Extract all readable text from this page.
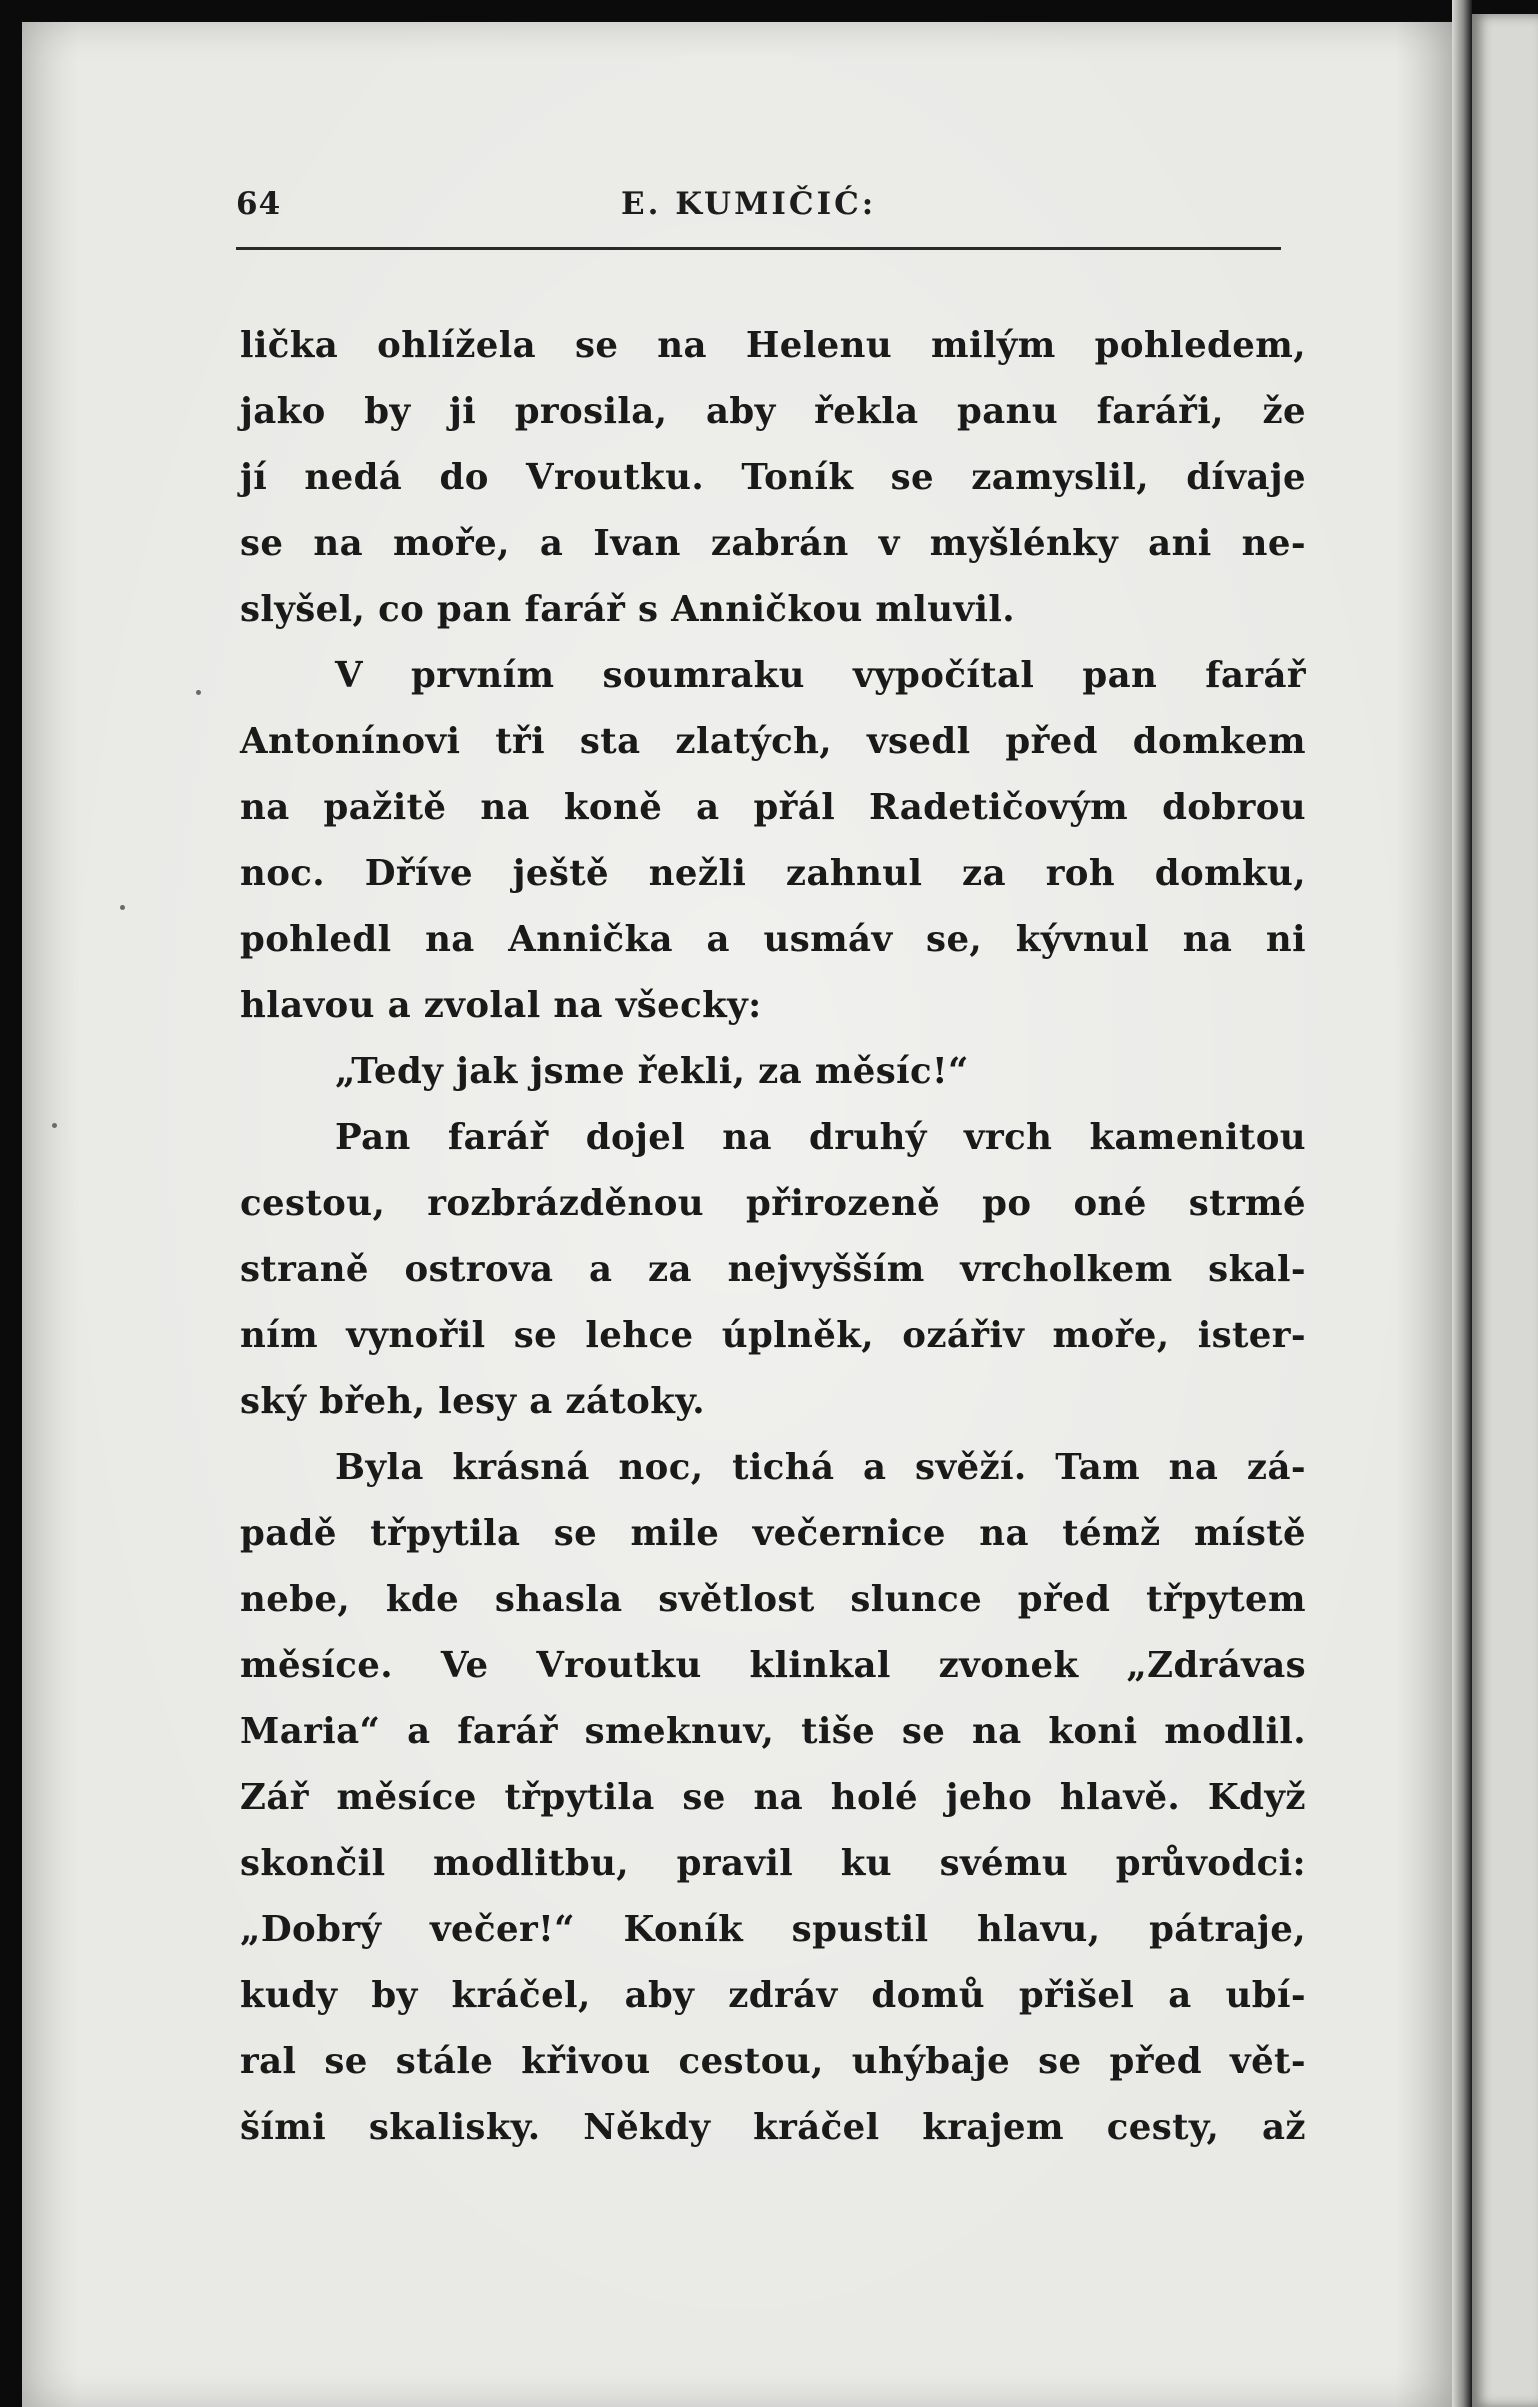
64	E. KUMIČIĆ:
lička ohlížela se na Helenu milým pohledem,
jako by ji prosila, aby řekla panu faráři, že
jí nedá do Vroutku. Toník se zamyslil, dívaje
se na moře, a Ivan zabrán v myšlénky ani ne-
slyšel, co pan farář s Anničkou mluvil.
V prvním soumraku vypočítal pan farář
Antonínovi tři sta zlatých, vsedl před domkem
na pažitě na koně a přál Radetičovým dobrou
noc. Dříve ještě nežli zahnul za roh domku,
pohledl na Annička a usmáv se, kývnul na ni
hlavou a zvolal na všecky:
„Tedy jak jsme řekli, za měsíc!“
Pan farář dojel na druhý vrch kamenitou
cestou, rozbrázděnou přirozeně po oné strmé
straně ostrova a za nejvyšším vrcholkem skal-
ním vynořil se lehce úplněk, ozářiv moře, ister-
ský břeh, lesy a zátoky.
Byla krásná noc, tichá a svěží. Tam na zá-
padě třpytila se mile večernice na témž místě
nebe, kde shasla světlost slunce před třpytem
měsíce. Ve Vroutku klinkal zvonek „Zdrávas
Maria“ a farář smeknuv, tiše se na koni modlil.
Zář měsíce třpytila se na holé jeho hlavě. Když
skončil modlitbu, pravil ku svému průvodci:
„Dobrý večer!“ Koník spustil hlavu, pátraje,
kudy by kráčel, aby zdráv domů přišel a ubí-
ral se stále křivou cestou, uhýbaje se před vět-
šími skalisky. Někdy kráčel krajem cesty, až
